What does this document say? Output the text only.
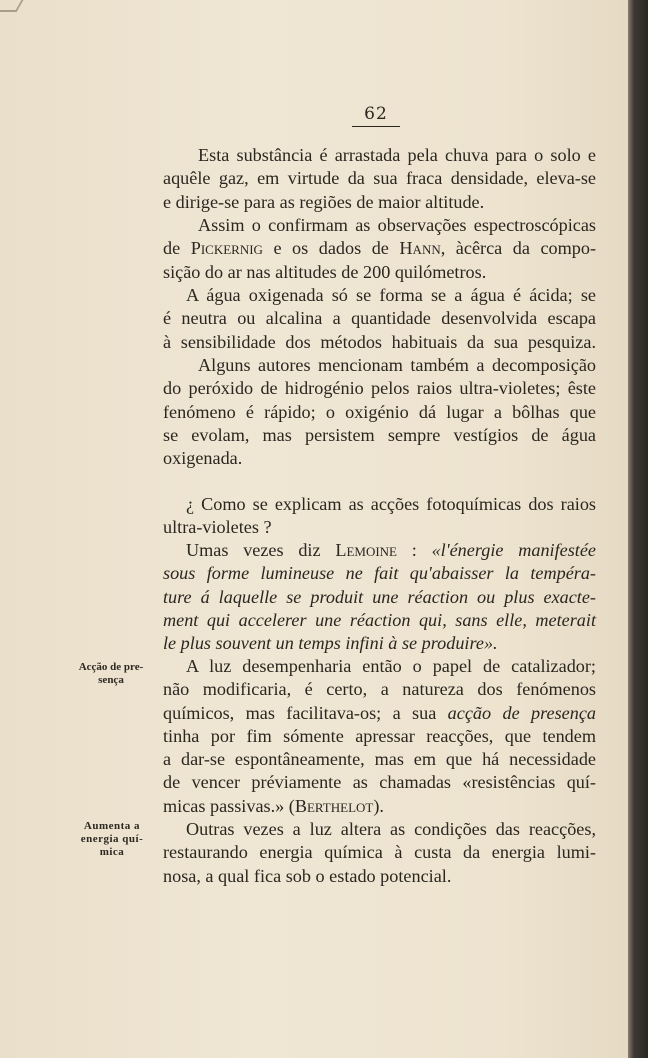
62

Esta substância é arrastada pela chuva para o solo e

aquêle gaz, em virtude da sua fraca densidade, eleva-se

e dirige-se para as regiões de maior altitude.

Assim o confirmam as observações espectroscópicas

de Pickernig e os dados de Hann, àcêrca da compo-

sição do ar nas altitudes de 200 quilómetros.

A água oxigenada só se forma se a água é ácida; se

é neutra ou alcalina a quantidade desenvolvida escapa

à sensibilidade dos métodos habituais da sua pesquiza.

Alguns autores mencionam também a decomposição

do peróxido de hidrogénio pelos raios ultra-violetes; êste

fenómeno é rápido; o oxigénio dá lugar a bôlhas que

se evolam, mas persistem sempre vestígios de água

oxigenada.

¿ Como se explicam as acções fotoquímicas dos raios

ultra-violetes ?

Umas vezes diz Lemoine : «l'énergie manifestée

sous forme lumineuse ne fait qu'abaisser la tempéra-

ture á laquelle se produit une réaction ou plus exacte-

ment qui accelerer une réaction qui, sans elle, meterait

le plus souvent un temps infini à se produire».

Acção de pre-
sença

A luz desempenharia então o papel de catalizador;

não modificaria, é certo, a natureza dos fenómenos

químicos, mas facilitava-os; a sua acção de presença

tinha por fim sómente apressar reacções, que tendem

a dar-se espontâneamente, mas em que há necessidade

de vencer préviamente as chamadas «resistências quí-

micas passivas.» (Berthelot).

Aumenta a
energia quí-
mica

Outras vezes a luz altera as condições das reacções,

restaurando energia química à custa da energia lumi-

nosa, a qual fica sob o estado potencial.
